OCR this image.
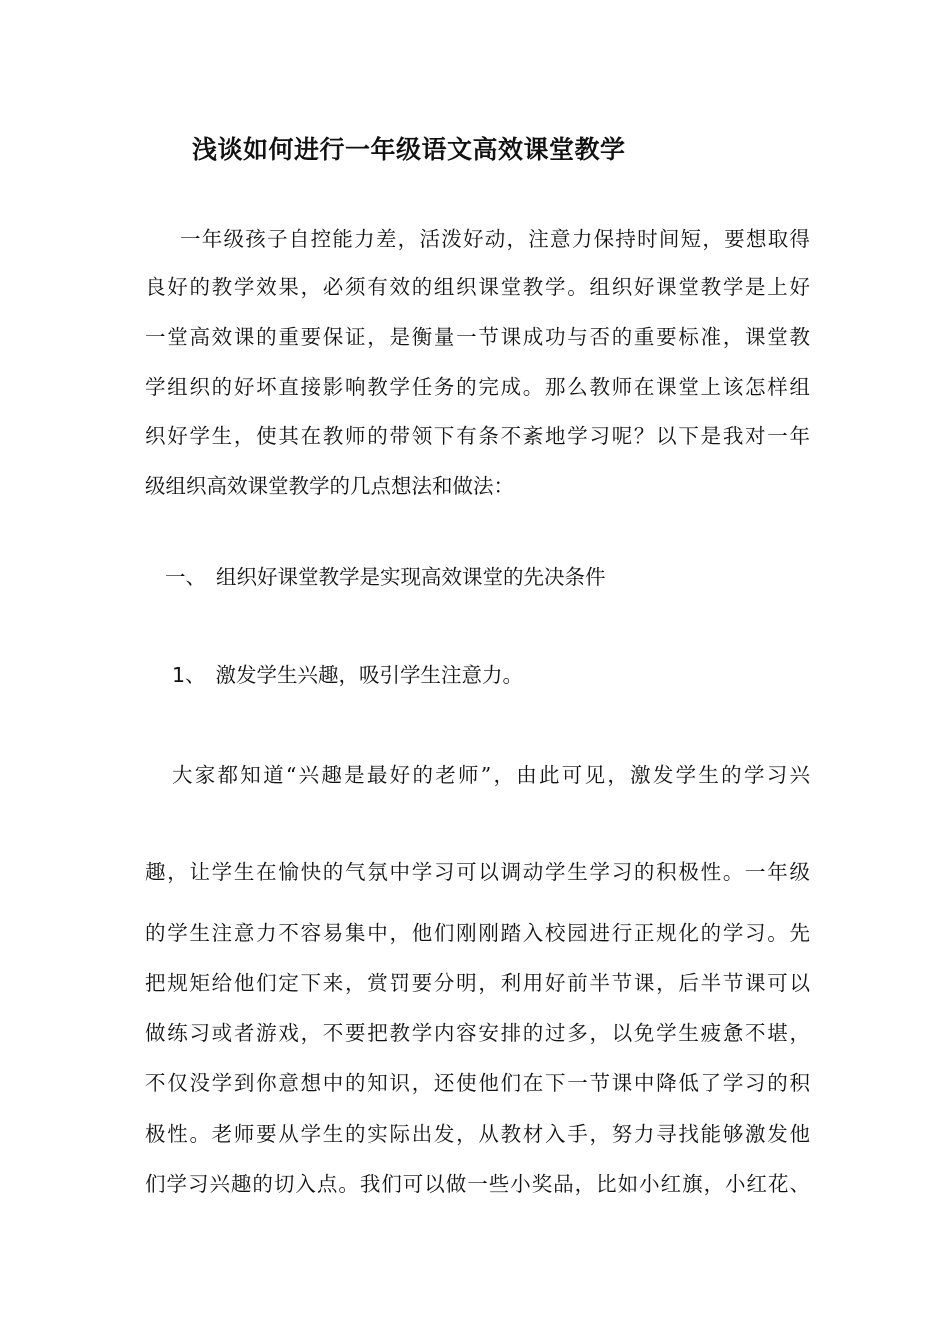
浅谈如何进行一年级语文高效课堂教学
一年级孩子自控能力差，活泼好动，注意力保持时间短，要想取得
良好的教学效果，必须有效的组织课堂教学。组织好课堂教学是上好
一堂高效课的重要保证，是衡量一节课成功与否的重要标准，课堂教
学组织的好坏直接影响教学任务的完成。那么教师在课堂上该怎样组
织好学生，使其在教师的带领下有条不紊地学习呢？以下是我对一年
级组织高效课堂教学的几点想法和做法：
一、 组织好课堂教学是实现高效课堂的先决条件
1、 激发学生兴趣，吸引学生注意力。
大家都知道“兴趣是最好的老师”，由此可见，激发学生的学习兴
趣，让学生在愉快的气氛中学习可以调动学生学习的积极性。一年级
的学生注意力不容易集中，他们刚刚踏入校园进行正规化的学习。先
把规矩给他们定下来，赏罚要分明，利用好前半节课，后半节课可以
做练习或者游戏，不要把教学内容安排的过多，以免学生疲惫不堪，
不仅没学到你意想中的知识，还使他们在下一节课中降低了学习的积
极性。老师要从学生的实际出发，从教材入手，努力寻找能够激发他
们学习兴趣的切入点。我们可以做一些小奖品，比如小红旗，小红花、
